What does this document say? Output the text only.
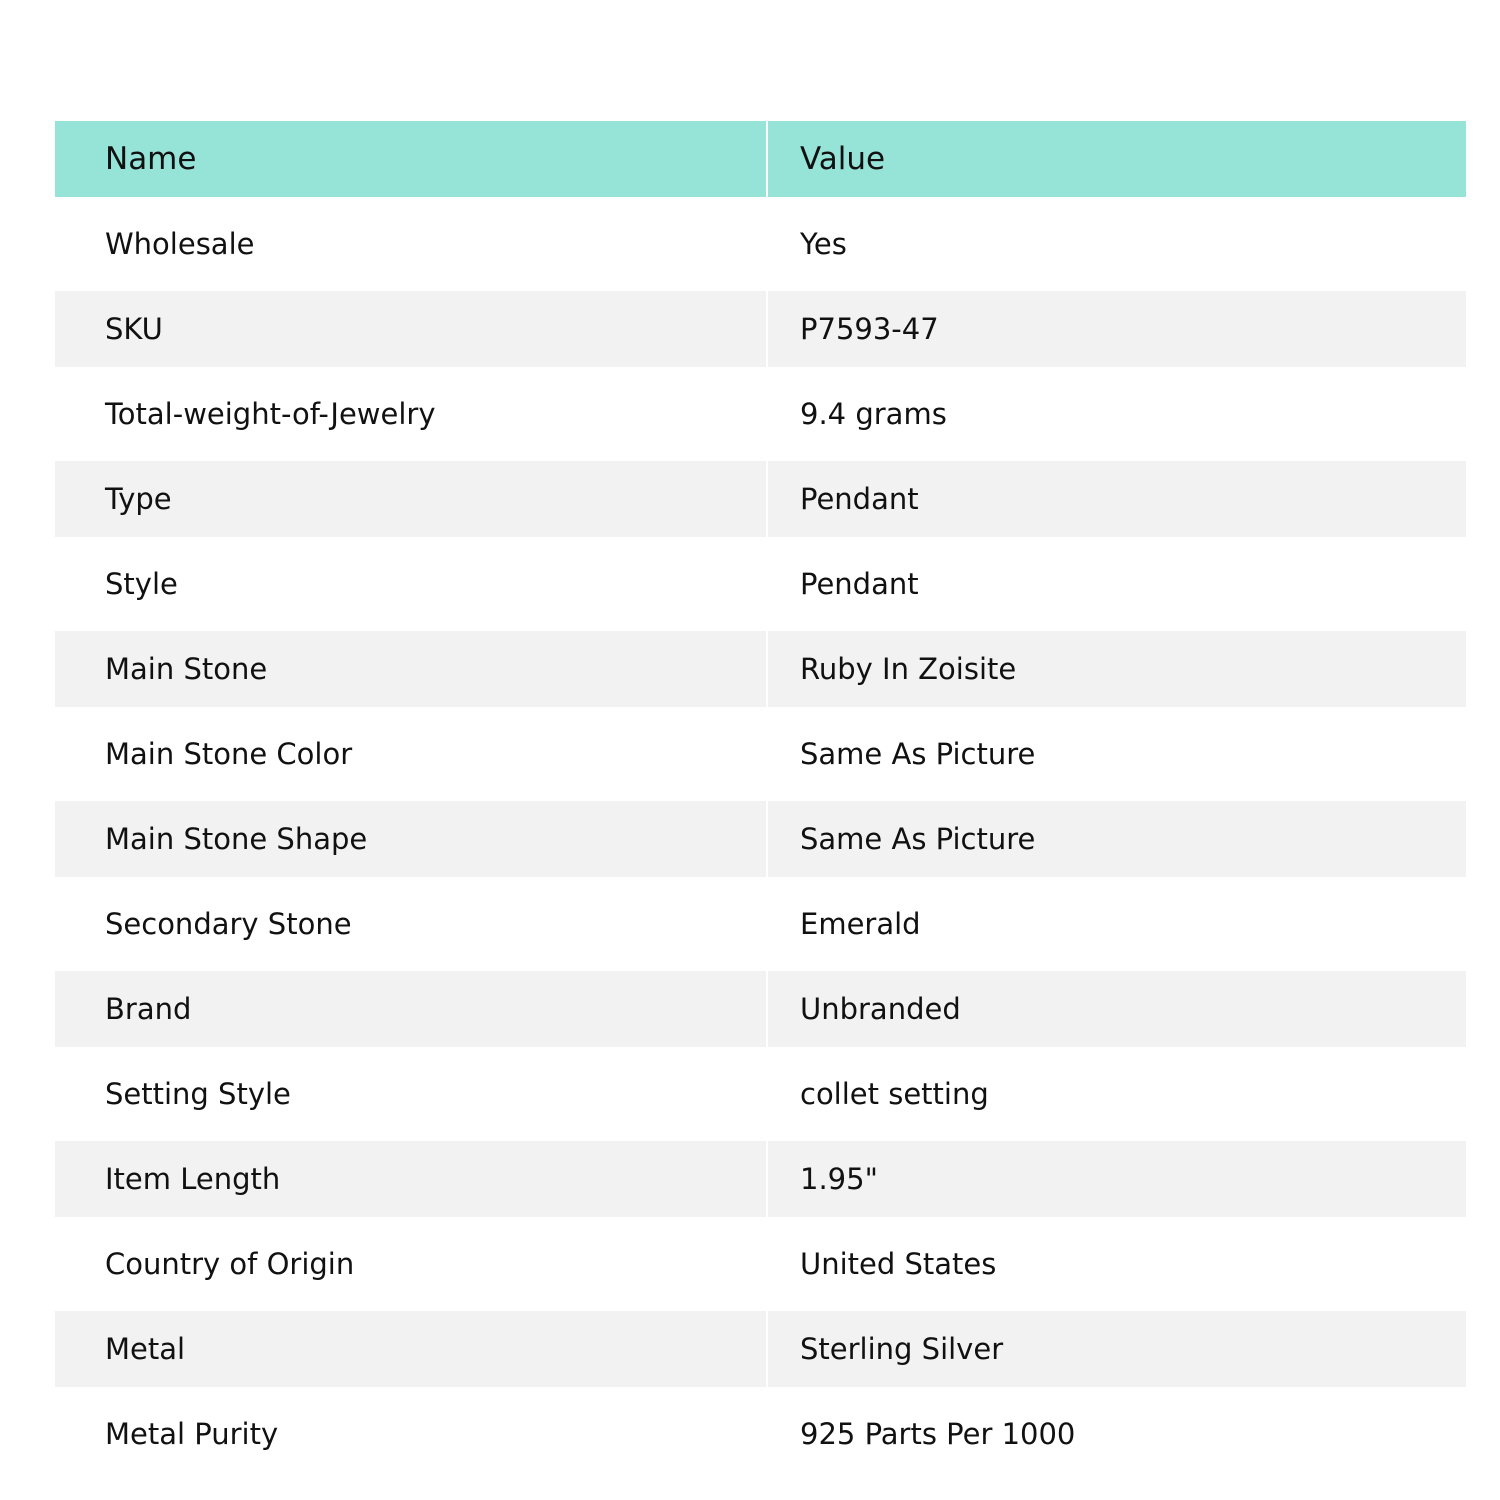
Name	Value
Wholesale	Yes
SKU	P7593-47
Total-weight-of-Jewelry	9.4 grams
Type	Pendant
Style	Pendant
Main Stone	Ruby In Zoisite
Main Stone Color	Same As Picture
Main Stone Shape	Same As Picture
Secondary Stone	Emerald
Brand	Unbranded
Setting Style	collet setting
Item Length	1.95"
Country of Origin	United States
Metal	Sterling Silver
Metal Purity	925 Parts Per 1000
